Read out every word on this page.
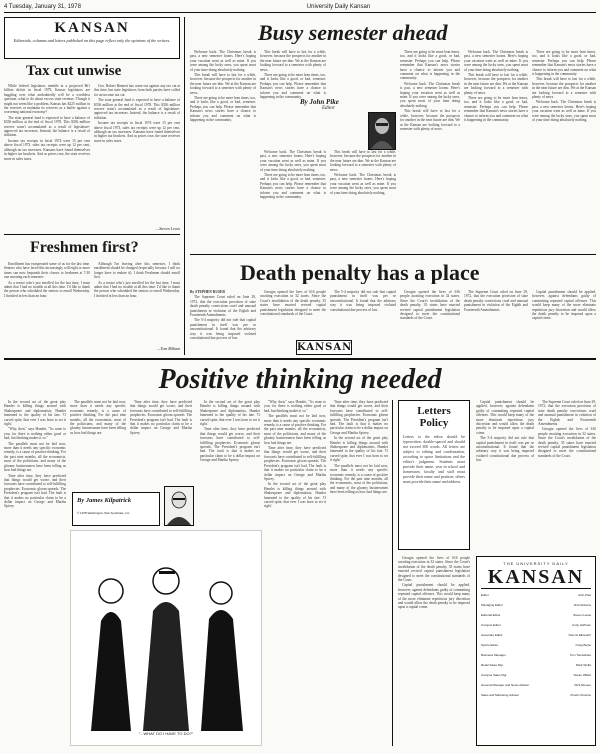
4 Tuesday, January 31, 1978	University Daily Kansan
KANSAN
Editorials, columns and letters published on this page reflect only the opinions of the writers.
Tax cut unwise

While federal legislators tremble at a projected $61 billion deficit in fiscal 1979, Kansas legislators are haggling over what undoubtedly will be a worthless question: what to do about excess state revenue. Though it might not seem like a problem, Kansas has $225 million in the reserves or maintain its reserves as a buffer against a worsening national economy?

The state general fund is expected to have a balance of $336 million at the end of fiscal 1978. This $336 million reserve wasn't accumulated as a result of legislature-approved tax increases. Instead, the balance is a result of inflation.

Income tax receipts in fiscal 1974 were 15 per cent above fiscal 1973, sales tax receipts were up 12 per cent, although no tax increases. Kansans have found themselves in higher tax brackets. And as prices rose, the state receives more in sales taxes.

Gov. Robert Bennett has come out against any tax cut at this time, but state legislators from both parties have called for an income tax cut.

The state general fund is expected to have a balance of $336 million at the end of fiscal 1978. This $336 million reserve wasn't accumulated as a result of legislature-approved tax increases. Instead, the balance is a result of inflation.

Income tax receipts in fiscal 1974 were 15 per cent above fiscal 1973, sales tax receipts were up 12 per cent, although no tax increases. Kansans have found themselves in higher tax brackets. And as prices rose, the state receives more in sales taxes.

—Steven Lewis
Freshmen first?

Enrollment has exasperated some of us for the last time. Seniors who have faced this increasingly will eight or more times can now bequeath their classes to freshmen at 7:30 one morning each semester.

As a senior who's just enrolled for the last time, I must admit that I had no trouble at all this time. I'd like to thank the person who scheduled the seniors to enroll Wednesday. I finished in less than an hour.

Although I'm leaving after this semester, I think enrollment should be changed (especially because I will no longer have to endure it). I think Freshmen should enroll first.

As a senior who's just enrolled for the last time, I must admit that I had no trouble at all this time. I'd like to thank the person who scheduled the seniors to enroll Wednesday. I finished in less than an hour.

—Tom Billiam
Busy semester ahead

Welcome back. The Christmas break is past, a new semester looms. Here's hoping your vacation went as well as mine. If you were among the lucky ones, you spent most of your time doing absolutely nothing.

This break will have to last for a while, however, because the prospects for another in the near future are dim. We at the Kansan are looking forward to a semester with plenty of news.

There are going to be more lean times, too, and it looks like a good, or bad, semester. Perhaps you can help. Please remember that Kansan's news stories have a chance to inform you and comment on what is happening in the community.

This break will have to last for a while, however, because the prospects for another in the near future are dim. We at the Kansan are looking forward to a semester with plenty of news.

There are going to be more lean times, too, and it looks like a good, or bad, semester. Perhaps you can help. Please remember that Kansan's news stories have a chance to inform you and comment on what is happening in the community.

By John Pike
Editor

Welcome back. The Christmas break is past, a new semester looms. Here's hoping your vacation went as well as mine. If you were among the lucky ones, you spent most of your time doing absolutely nothing.

There are going to be more lean times, too, and it looks like a good, or bad, semester. Perhaps you can help. Please remember that Kansan's news stories have a chance to inform you and comment on what is happening in the community.

This break will have to last for a while, however, because the prospects for another in the near future are dim. We at the Kansan are looking forward to a semester with plenty of news.

Welcome back. The Christmas break is past, a new semester looms. Here's hoping your vacation went as well as mine. If you were among the lucky ones, you spent most of your time doing absolutely nothing.

There are going to be more lean times, too, and it looks like a good, or bad, semester. Perhaps you can help. Please remember that Kansan's news stories have a chance to inform you and comment on what is happening in the community.

Welcome back. The Christmas break is past, a new semester looms. Here's hoping your vacation went as well as mine. If you were among the lucky ones, you spent most of your time doing absolutely nothing.

This break will have to last for a while, however, because the prospects for another in the near future are dim. We at the Kansan are looking forward to a semester with plenty of news.

Welcome back. The Christmas break is past, a new semester looms. Here's hoping your vacation went as well as mine. If you were among the lucky ones, you spent most of your time doing absolutely nothing.

This break will have to last for a while, however, because the prospects for another in the near future are dim. We at the Kansan are looking forward to a semester with plenty of news.

There are going to be more lean times, too, and it looks like a good, or bad, semester. Perhaps you can help. Please remember that Kansan's news stories have a chance to inform you and comment on what is happening in the community.

There are going to be more lean times, too, and it looks like a good, or bad, semester. Perhaps you can help. Please remember that Kansan's news stories have a chance to inform you and comment on what is happening in the community.

This break will have to last for a while, however, because the prospects for another in the near future are dim. We at the Kansan are looking forward to a semester with plenty of news.

Welcome back. The Christmas break is past, a new semester looms. Here's hoping your vacation went as well as mine. If you were among the lucky ones, you spent most of your time doing absolutely nothing.

Death penalty has a place

By STEPHEN RUSER

The Supreme Court ruled on June 29, 1972, that the execution provision of state death penalty convictions cruel and unusual punishment in violation of the Eighth and Fourteenth Amendments.

The 5-4 majority did not rule that capital punishment in itself was per se unconstitutional. It found that the arbitrary way it was being imposed violated constitutional due process of law.

Georgia opened the lives of 616 people awaiting execution in 32 states. Since the Court's invalidation of the death penalty, 35 states have enacted revised capital punishment legislation designed to meet the constitutional standards of the Court.

KANSAN

The 5-4 majority did not rule that capital punishment in itself was per se unconstitutional. It found that the arbitrary way it was being imposed violated constitutional due process of law.

Georgia opened the lives of 616 people awaiting execution in 32 states. Since the Court's invalidation of the death penalty, 35 states have enacted revised capital punishment legislation designed to meet the constitutional standards of the Court.

The Supreme Court ruled on June 29, 1972, that the execution provision of state death penalty convictions cruel and unusual punishment in violation of the Eighth and Fourteenth Amendments.

Capital punishment should be applied, however, against defendants guilty of committing repeated capital offenses. This would keep many of the more eliminate repetitious jury discretion and would allow the death penalty to be imposed upon a capital crime.

Positive thinking needed

In the second act of the great play Hamlet is killing things around with Shakespeare and diplomatists, Hamlet lamented to the quality of his fate. 'O cursed spite, that ever I was born to set it right.'

"Why, then," says Hamlet, "'tis none to you; for there is nothing either good or bad, but thinking makes it so."

The parallels must not be laid now, more than it needs any specific economic remedy, is a cause of positive thinking. For the past nine months, all the economists, most of the politicians, and many of the gloomy businessmen have been telling us how bad things are.

Time after time, they have predicted that things would get worse, and their forecasts have contributed to self-fulfilling prophecies. Economic gloom spreads. The President's program isn't bad. The fault is that it makes no particular claim to be a dollar impact on George and Martha Spivey.

The parallels must not be laid now, more than it needs any specific economic remedy, is a cause of positive thinking. For the past nine months, all the economists, most of the politicians, and many of the gloomy businessmen have been telling us how bad things are.

Time after time, they have predicted that things would get worse, and their forecasts have contributed to self-fulfilling prophecies. Economic gloom spreads. The President's program isn't bad. The fault is that it makes no particular claim to be a dollar impact on George and Martha Spivey.

By James Kilpatrick
© 1978 Washington Star Syndicate, Inc.

In the second act of the great play Hamlet is killing things around with Shakespeare and diplomatists, Hamlet lamented to the quality of his fate. 'O cursed spite, that ever I was born to set it right.'

Time after time, they have predicted that things would get worse, and their forecasts have contributed to self-fulfilling prophecies. Economic gloom spreads. The President's program isn't bad. The fault is that it makes no particular claim to be a dollar impact on George and Martha Spivey.

"Why, then," says Hamlet, "'tis none to you; for there is nothing either good or bad, but thinking makes it so."

The parallels must not be laid now, more than it needs any specific economic remedy, is a cause of positive thinking. For the past nine months, all the economists, most of the politicians, and many of the gloomy businessmen have been telling us how bad things are.

Time after time, they have predicted that things would get worse, and their forecasts have contributed to self-fulfilling prophecies. Economic gloom spreads. The President's program isn't bad. The fault is that it makes no particular claim to be a dollar impact on George and Martha Spivey.

In the second act of the great play Hamlet is killing things around with Shakespeare and diplomatists, Hamlet lamented to the quality of his fate. 'O cursed spite, that ever I was born to set it right.'

Time after time, they have predicted that things would get worse, and their forecasts have contributed to self-fulfilling prophecies. Economic gloom spreads. The President's program isn't bad. The fault is that it makes no particular claim to be a dollar impact on George and Martha Spivey.

In the second act of the great play Hamlet is killing things around with Shakespeare and diplomatists, Hamlet lamented to the quality of his fate. 'O cursed spite, that ever I was born to set it right.'

The parallels must not be laid now, more than it needs any specific economic remedy, is a cause of positive thinking. For the past nine months, all the economists, most of the politicians, and many of the gloomy businessmen have been telling us how bad things are.

"...WHAT DO I HAVE TO DO?"
Letters Policy
Letters to the editor should be typewritten, double-spaced and should not exceed 300 words. All letters are subject to editing and condensation, according to space limitations and the editor's judgment. Students must provide their name, year in school and hometown; faculty and staff must provide their name and position; others must provide their name and address.

Capital punishment should be applied, however, against defendants guilty of committing repeated capital offenses. This would keep many of the more eliminate repetitious jury discretion and would allow the death penalty to be imposed upon a capital crime.

The 5-4 majority did not rule that capital punishment in itself was per se unconstitutional. It found that the arbitrary way it was being imposed violated constitutional due process of law.

The Supreme Court ruled on June 29, 1972, that the execution provision of state death penalty convictions cruel and unusual punishment in violation of the Eighth and Fourteenth Amendments.

Georgia opened the lives of 616 people awaiting execution in 32 states. Since the Court's invalidation of the death penalty, 35 states have enacted revised capital punishment legislation designed to meet the constitutional standards of the Court.

Georgia opened the lives of 616 people awaiting execution in 32 states. Since the Court's invalidation of the death penalty, 35 states have enacted revised capital punishment legislation designed to meet the constitutional standards of the Court.

Capital punishment should be applied, however, against defendants guilty of committing repeated capital offenses. This would keep many of the more eliminate repetitious jury discretion and would allow the death penalty to be imposed upon a capital crime.

THE UNIVERSITY DAILY
KANSAN
Editor	John Pike
Managing Editor	Rob Roberts
Editorial Editor	Steven Lewis
Campus Editor	Andy Hoffman
Associate Editor	Dennis Ellsworth
Sports Editor	Craig Boyle
Business Manager	Tom Tourtellotte
Retail Sales Mgr.	Mark Wolfe
Campus Sales Mgr.	Susan Willett
General Manager and News Adviser	Rick Musser
Sales and Marketing Adviser	Chuck Chowins
